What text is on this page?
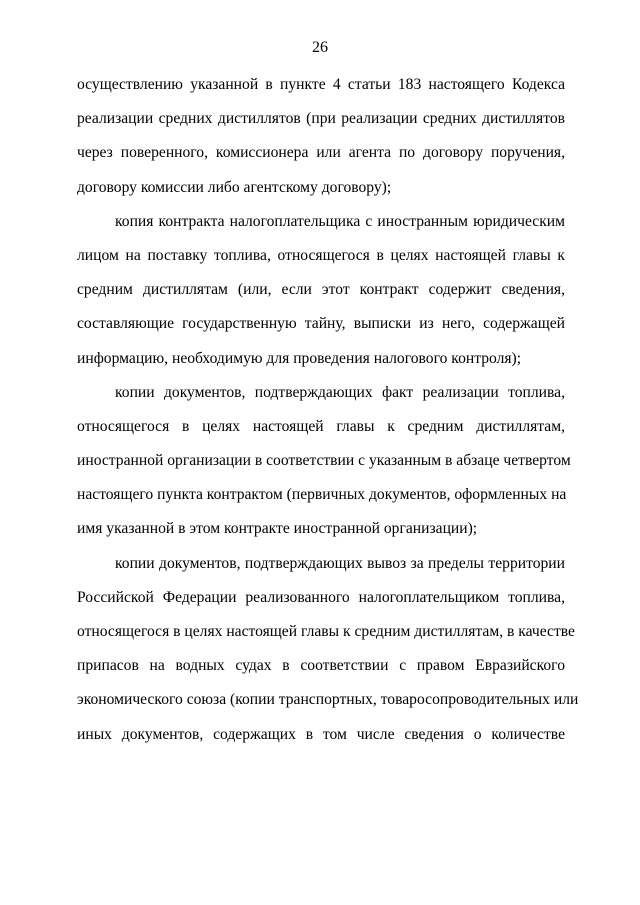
26
осуществлению указанной в пункте 4 статьи 183 настоящего Кодекса
реализации средних дистиллятов (при реализации средних дистиллятов
через поверенного, комиссионера или агента по договору поручения,
договору комиссии либо агентскому договору);
копия контракта налогоплательщика с иностранным юридическим
лицом на поставку топлива, относящегося в целях настоящей главы к
средним дистиллятам (или, если этот контракт содержит сведения,
составляющие государственную тайну, выписки из него, содержащей
информацию, необходимую для проведения налогового контроля);
копии документов, подтверждающих факт реализации топлива,
относящегося в целях настоящей главы к средним дистиллятам,
иностранной организации в соответствии с указанным в абзаце четвертом
настоящего пункта контрактом (первичных документов, оформленных на
имя указанной в этом контракте иностранной организации);
копии документов, подтверждающих вывоз за пределы территории
Российской Федерации реализованного налогоплательщиком топлива,
относящегося в целях настоящей главы к средним дистиллятам, в качестве
припасов на водных судах в соответствии с правом Евразийского
экономического союза (копии транспортных, товаросопроводительных или
иных документов, содержащих в том числе сведения о количестве
